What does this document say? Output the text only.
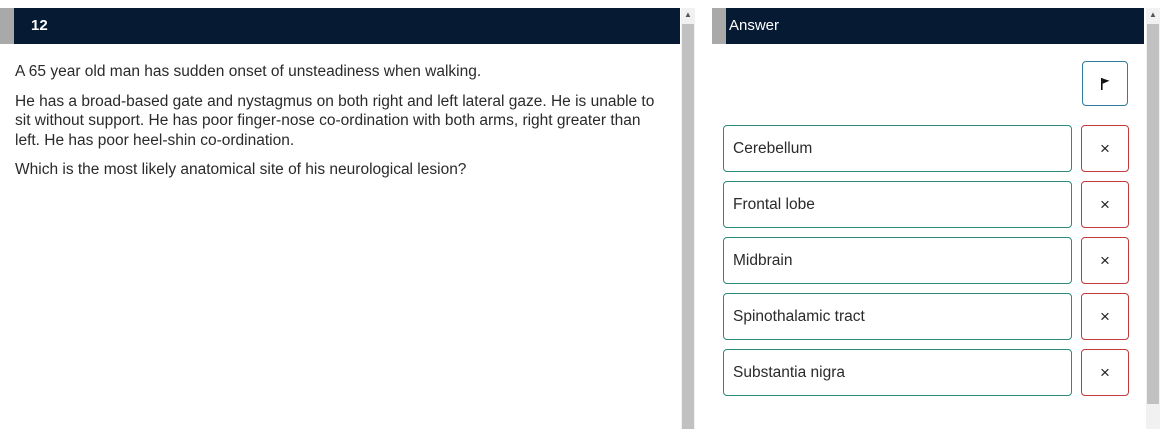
12

A 65 year old man has sudden onset of unsteadiness when walking.

He has a broad-based gate and nystagmus on both right and left lateral gaze. He is unable to sit without support. He has poor finger-nose co-ordination with both arms, right greater than left. He has poor heel-shin co-ordination.

Which is the most likely anatomical site of his neurological lesion?

▲
Answer
Cerebellum	×
Frontal lobe	×
Midbrain	×
Spinothalamic tract	×
Substantia nigra	×
▲
